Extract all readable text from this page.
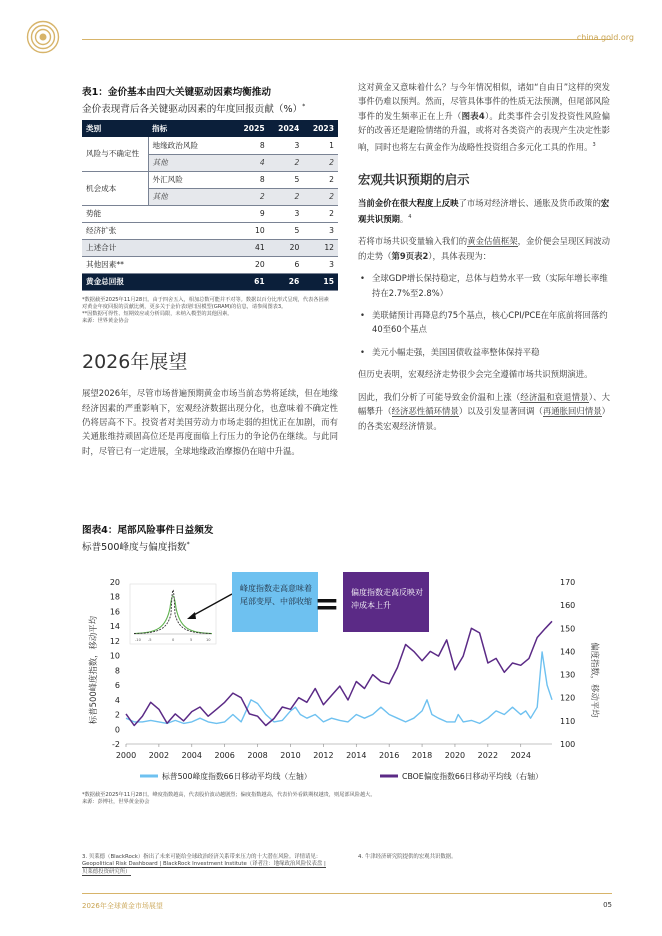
china.gold.org
表1：金价基本由四大关键驱动因素均衡推动
金价表现背后各关键驱动因素的年度回报贡献（%）*
类别	指标	2025	2024	2023
风险与不确定性	地缘政治风险	8	3	1
	其他	4	2	2
机会成本	外汇风险	8	5	2
	其他	2	2	2
势能		9	3	2
经济扩张		10	5	3
上述合计		41	20	12
其他因素**		20	6	3
黄金总回报		61	26	15
*数据截至2025年11月28日。由于四舍五入，相加总数可能并不对等。数据以百分比形式呈现，代表各因素对黄金年度回报的贡献比例，更多关于金价表现归因模型(GRAM)的信息，请参阅图表3。
**因数据可得性、短期效应或分析局限，未纳入模型的其他因素。
来源：世界黄金协会
2026年展望

展望2026年，尽管市场普遍预期黄金市场当前态势将延续，但在地缘经济因素的严重影响下，宏观经济数据出现分化，也意味着不确定性仍将居高不下。投资者对美国劳动力市场走弱的担忧正在加剧，而有关通胀维持顽固高位还是再度面临上行压力的争论仍在继续。与此同时，尽管已有一定进展，全球地缘政治摩擦仍在暗中升温。

这对黄金又意味着什么？与今年情况相似，诸如“自由日”这样的突发事件仍难以预判。然而，尽管具体事件的性质无法预测，但尾部风险事件的发生频率正在上升（图表4）。此类事件会引发投资性风险偏好的改善还是避险情绪的升温，或将对各类资产的表现产生决定性影响，同时也将左右黄金作为战略性投资组合多元化工具的作用。$^3$

宏观共识预期的启示

当前金价在很大程度上反映了市场对经济增长、通胀及货币政策的宏观共识预期。$^4$

若将市场共识变量输入我们的黄金估值框架，金价便会呈现区间波动的走势（第9页表2），具体表现为：

• 全球GDP增长保持稳定，总体与趋势水平一致（实际年增长率维持在2.7%至2.8%）
• 美联储预计再降息约75个基点，核心CPI/PCE在年底前将回落约40至60个基点
• 美元小幅走强，美国国债收益率整体保持平稳

但历史表明，宏观经济走势很少会完全遵循市场共识预期演进。

因此，我们分析了可能导致金价温和上涨（经济温和衰退情景）、大幅攀升（经济恶性循环情景）以及引发显著回调（再通胀回归情景）的各类宏观经济情景。

图表4：尾部风险事件日益频发
标普500峰度与偏度指数*
20
18
16
14
12
10
8
6
4
2
0
-2
170
160
150
140
130
120
110
100
2000 2002 2004 2006 2008 2010 2012 2014 2016 2018 2020 2022 2024
标普500峰度指数，移动平均	偏度指数，移动平均
-10 -5	0	5	10
峰度指数走高意味着尾部变厚、中部收缩 =	偏度指数走高反映对冲成本上升
标普500峰度指数66日移动平均线（左轴）	CBOE偏度指数66日移动平均线（右轴）
*数据截至2025年11月28日。峰度指数越高，代表股价波动越剧烈；偏度指数越高，代表价外看跌期权越贵，则尾部风险越大。
来源：彭博社，世界黄金协会
3. 贝莱德（BlackRock）指出了未来可能给全球政治经济关系带来压力的十大潜在风险。详情请见：Geopolitical Risk Dashboard | BlackRock Investment Institute（译者注：地缘政治风险仪表盘 | 贝莱德投资研究所）
4. 牛津经济研究院提供的宏观共识数据。
2026年全球黄金市场展望	05
